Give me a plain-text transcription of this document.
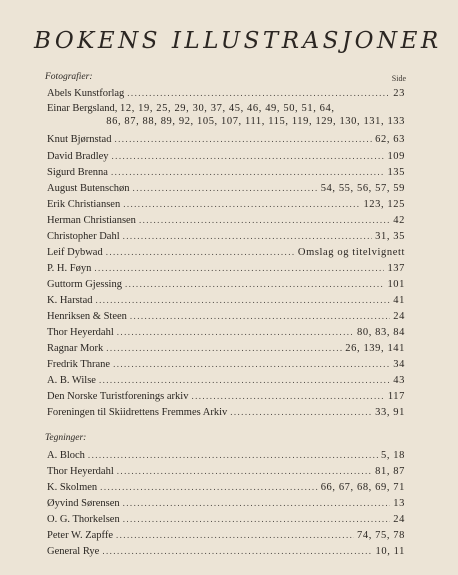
BOKENS ILLUSTRASJONER
Fotografier:	Side
Abels Kunstforlag .....	23
Einar Bergsland, 12, 19, 25, 29, 30, 37, 45, 46, 49, 50, 51, 64,
86, 87, 88, 89, 92, 105, 107, 111, 115, 119, 129, 130, 131, 133
Knut Bjørnstad .....	62, 63
David Bradley .....	109
Sigurd Brenna .....	135
August Butenschøn .....	54, 55, 56, 57, 59
Erik Christiansen .....	123, 125
Herman Christiansen .....	42
Christopher Dahl .....	31, 35
Leif Dybwad .....	Omslag og titelvignett
P. H. Føyn .....	137
Guttorm Gjessing .....	101
K. Harstad .....	41
Henriksen & Steen .....	24
Thor Heyerdahl .....	80, 83, 84
Ragnar Mork .....	26, 139, 141
Fredrik Thrane .....	34
A. B. Wilse .....	43
Den Norske Turistforenings arkiv .....	117
Foreningen til Skiidrettens Fremmes Arkiv .....	33, 91
Tegninger:
A. Bloch .....	5, 18
Thor Heyerdahl .....	81, 87
K. Skolmen .....	66, 67, 68, 69, 71
Øyvind Sørensen .....	13
O. G. Thorkelsen .....	24
Peter W. Zapffe .....	74, 75, 78
General Rye .....	10, 11
